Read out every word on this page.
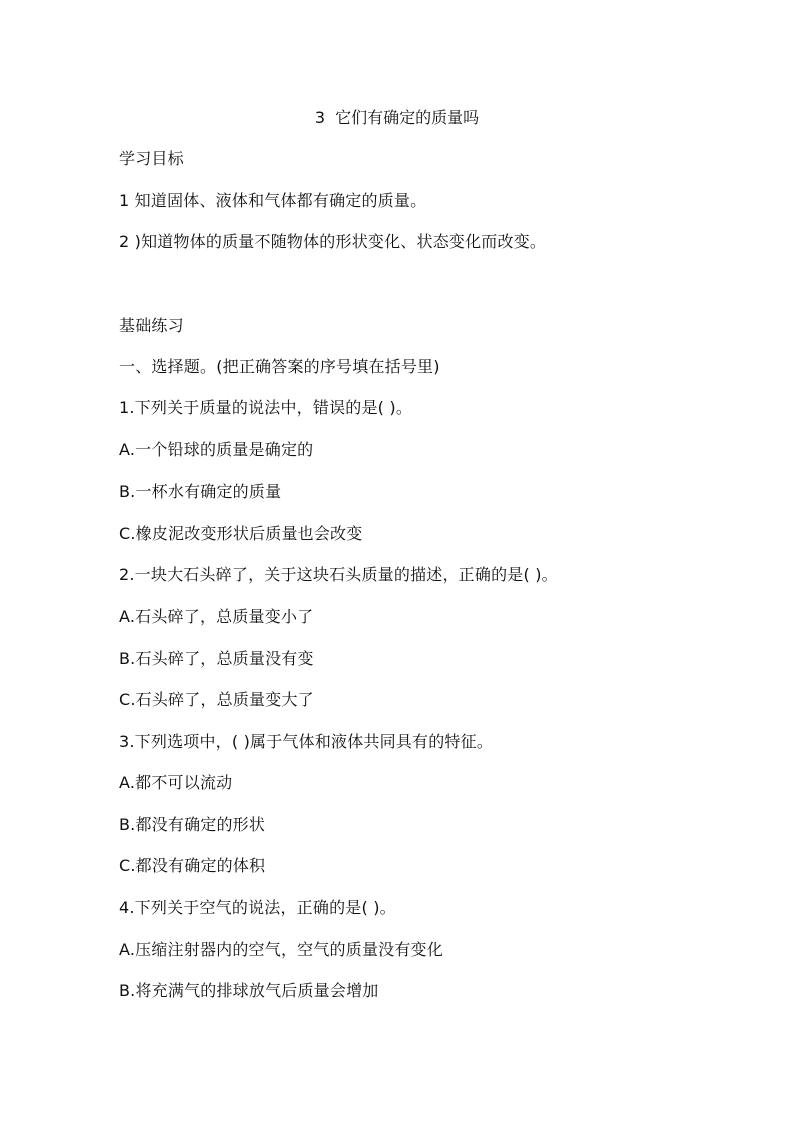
3 它们有确定的质量吗
学习目标
1 知道固体、液体和气体都有确定的质量。
2 )知道物体的质量不随物体的形状变化、状态变化而改变。
基础练习
一、选择题。(把正确答案的序号填在括号里)
1.下列关于质量的说法中，错误的是( )。
A.一个铅球的质量是确定的
B.一杯水有确定的质量
C.橡皮泥改变形状后质量也会改变
2.一块大石头碎了，关于这块石头质量的描述，正确的是( )。
A.石头碎了，总质量变小了
B.石头碎了，总质量没有变
C.石头碎了，总质量变大了
3.下列选项中，( )属于气体和液体共同具有的特征。
A.都不可以流动
B.都没有确定的形状
C.都没有确定的体积
4.下列关于空气的说法，正确的是( )。
A.压缩注射器内的空气，空气的质量没有变化
B.将充满气的排球放气后质量会增加
